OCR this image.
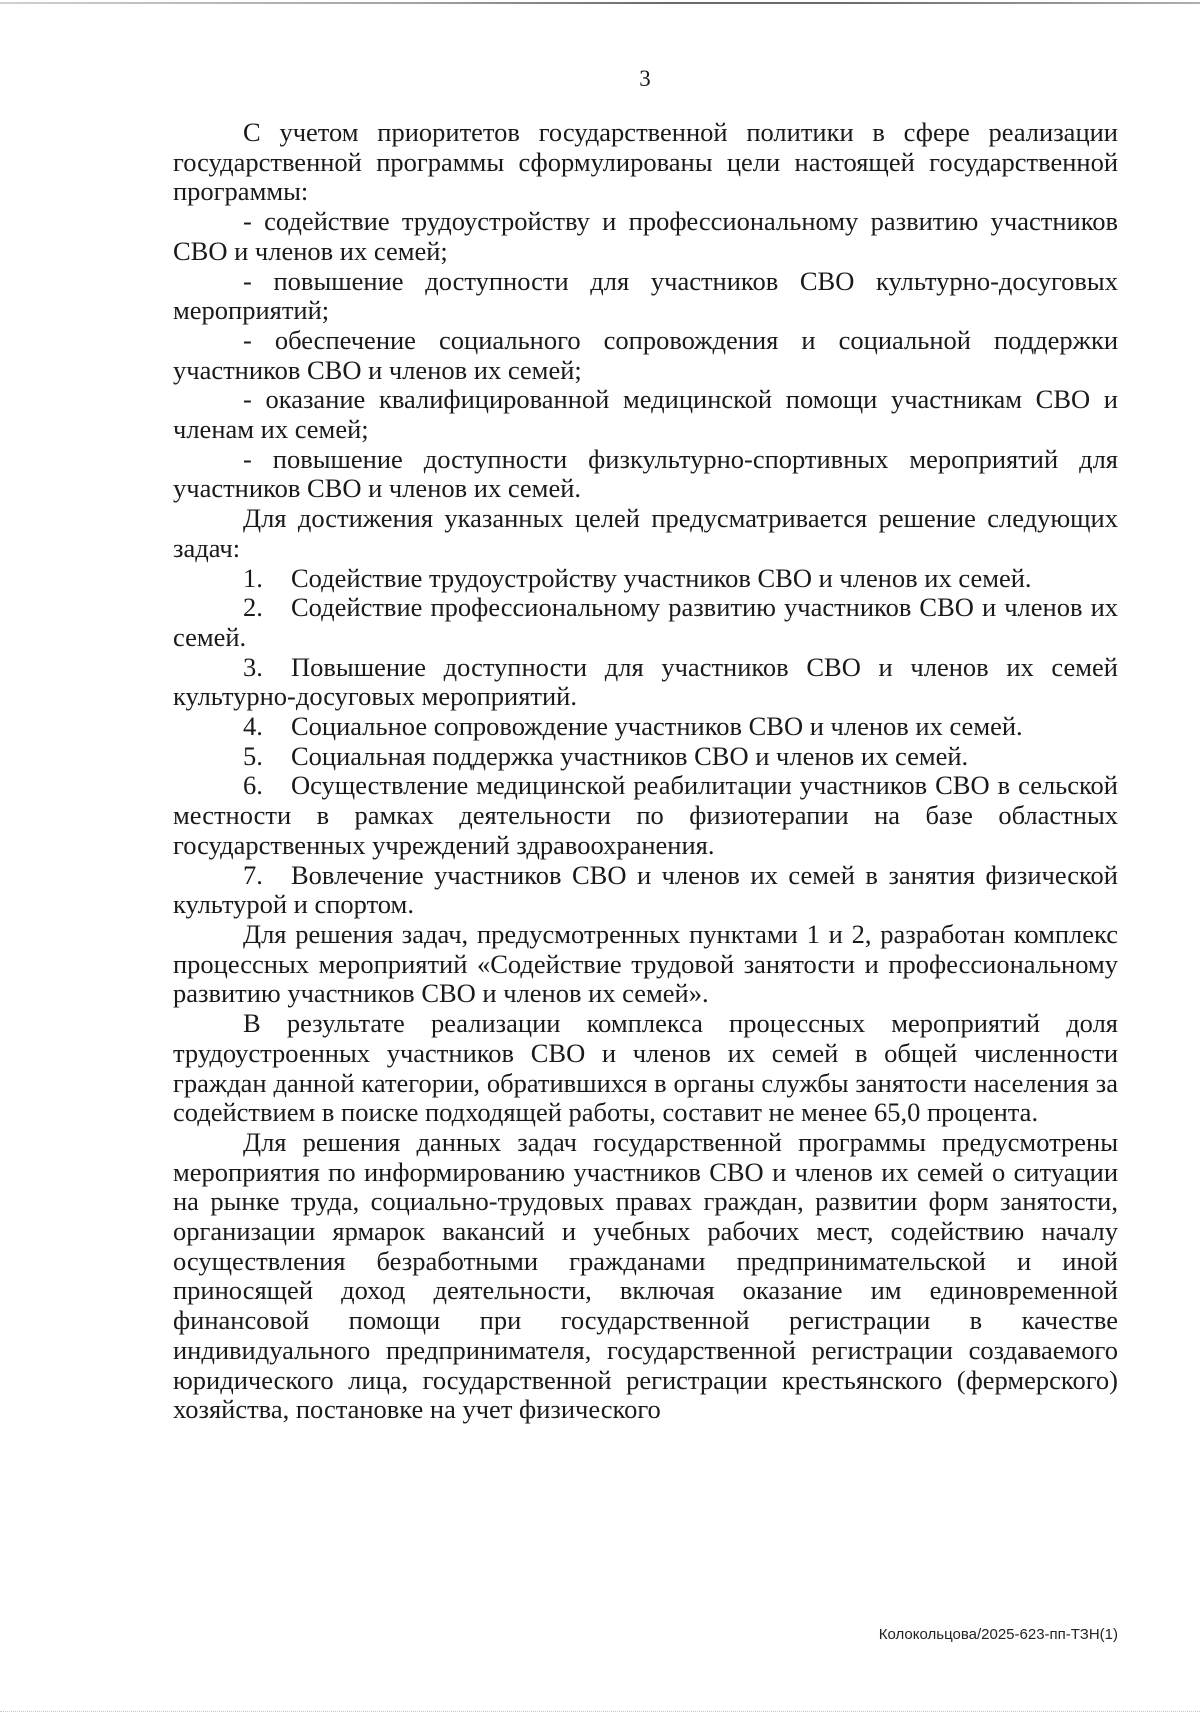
3

С учетом приоритетов государственной политики в сфере реализации государственной программы сформулированы цели настоящей государственной программы:

- содействие трудоустройству и профессиональному развитию участников СВО и членов их семей;

- повышение доступности для участников СВО культурно-досуговых мероприятий;

- обеспечение социального сопровождения и социальной поддержки участников СВО и членов их семей;

- оказание квалифицированной медицинской помощи участникам СВО и членам их семей;

- повышение доступности физкультурно-спортивных мероприятий для участников СВО и членов их семей.

Для достижения указанных целей предусматривается решение следующих задач:

1. Содействие трудоустройству участников СВО и членов их семей.

2. Содействие профессиональному развитию участников СВО и членов их семей.

3. Повышение доступности для участников СВО и членов их семей культурно-досуговых мероприятий.

4. Социальное сопровождение участников СВО и членов их семей.

5. Социальная поддержка участников СВО и членов их семей.

6. Осуществление медицинской реабилитации участников СВО в сельской местности в рамках деятельности по физиотерапии на базе областных государственных учреждений здравоохранения.

7. Вовлечение участников СВО и членов их семей в занятия физической культурой и спортом.

Для решения задач, предусмотренных пунктами 1 и 2, разработан комплекс процессных мероприятий «Содействие трудовой занятости и профессиональному развитию участников СВО и членов их семей».

В результате реализации комплекса процессных мероприятий доля трудоустроенных участников СВО и членов их семей в общей численности граждан данной категории, обратившихся в органы службы занятости населения за содействием в поиске подходящей работы, составит не менее 65,0 процента.

Для решения данных задач государственной программы предусмотрены мероприятия по информированию участников СВО и членов их семей о ситуации на рынке труда, социально-трудовых правах граждан, развитии форм занятости, организации ярмарок вакансий и учебных рабочих мест, содействию началу осуществления безработными гражданами предпринимательской и иной приносящей доход деятельности, включая оказание им единовременной финансовой помощи при государственной регистрации в качестве индивидуального предпринимателя, государственной регистрации создаваемого юридического лица, государственной регистрации крестьянского (фермерского) хозяйства, постановке на учет физического

Колокольцова/2025-623-пп-ТЗН(1)
